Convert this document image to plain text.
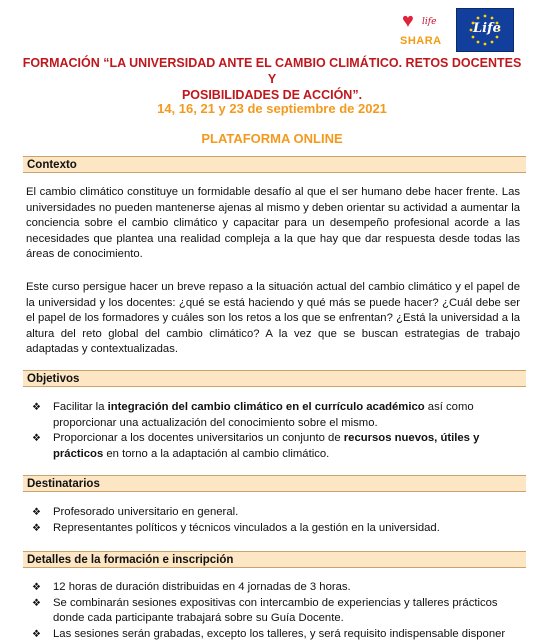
♥ life
SHARA
Life
FORMACIÓN “LA UNIVERSIDAD ANTE EL CAMBIO CLIMÁTICO. RETOS DOCENTES Y
POSIBILIDADES DE ACCIÓN”.
14, 16, 21 y 23 de septiembre de 2021
PLATAFORMA ONLINE
Contexto
El cambio climático constituye un formidable desafío al que el ser humano debe hacer frente. Las universidades no pueden mantenerse ajenas al mismo y deben orientar su actividad a aumentar la conciencia sobre el cambio climático y capacitar para un desempeño profesional acorde a las necesidades que plantea una realidad compleja a la que hay que dar respuesta desde todas las áreas de conocimiento.
Este curso persigue hacer un breve repaso a la situación actual del cambio climático y el papel de la universidad y los docentes: ¿qué se está haciendo y qué más se puede hacer? ¿Cuál debe ser el papel de los formadores y cuáles son los retos a los que se enfrentan? ¿Está la universidad a la altura del reto global del cambio climático? A la vez que se buscan estrategias de trabajo adaptadas y contextualizadas.
Objetivos
❖ Facilitar la integración del cambio climático en el currículo académico así como proporcionar una actualización del conocimiento sobre el mismo.
❖ Proporcionar a los docentes universitarios un conjunto de recursos nuevos, útiles y prácticos en torno a la adaptación al cambio climático.
Destinatarios
❖ Profesorado universitario en general.
❖ Representantes políticos y técnicos vinculados a la gestión en la universidad.
Detalles de la formación e inscripción
❖ 12 horas de duración distribuidas en 4 jornadas de 3 horas.
❖ Se combinarán sesiones expositivas con intercambio de experiencias y talleres prácticos donde cada participante trabajará sobre su Guía Docente.
❖ Las sesiones serán grabadas, excepto los talleres, y será requisito indispensable disponer
